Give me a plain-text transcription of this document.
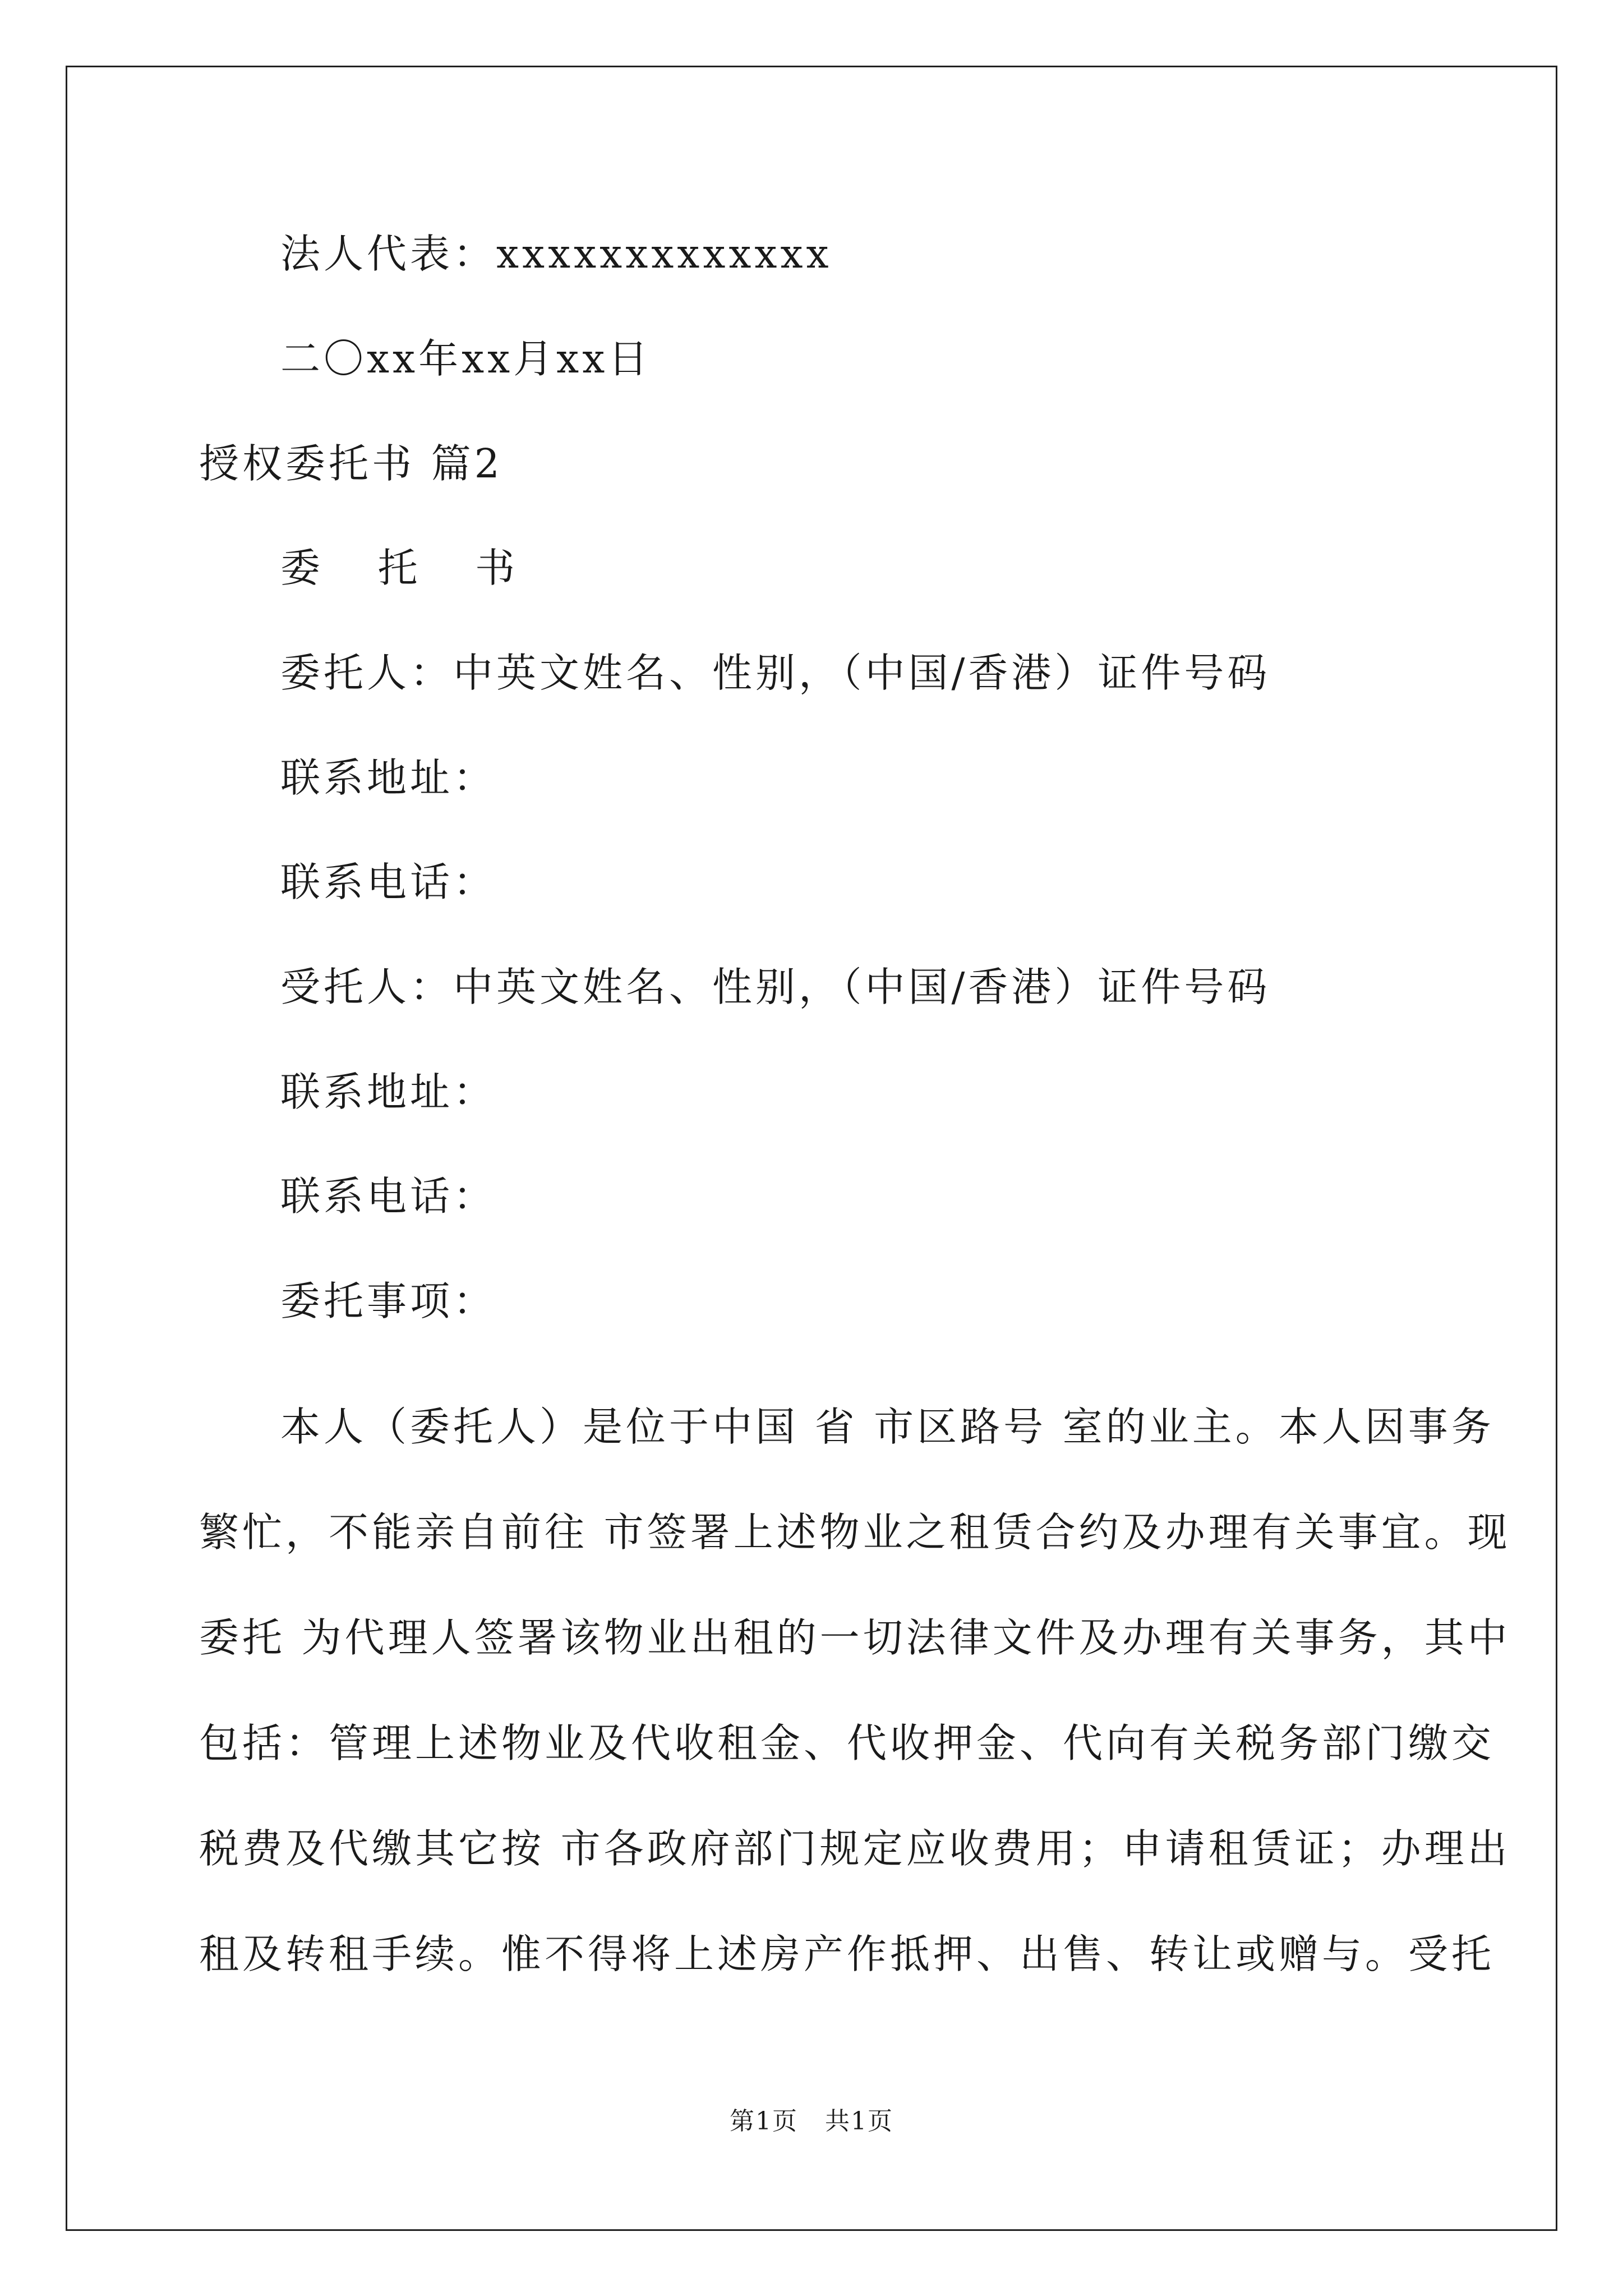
法人代表：xxxxxxxxxxxxx
二〇xx年xx月xx日
授权委托书 篇2
委 托 书
委托人：中英文姓名、性别，（中国/香港）证件号码
联系地址：
联系电话：
受托人：中英文姓名、性别，（中国/香港）证件号码
联系地址：
联系电话：
委托事项：
本人（委托人）是位于中国 省 市区路号 室的业主。本人因事务
繁忙，不能亲自前往 市签署上述物业之租赁合约及办理有关事宜。现
委托 为代理人签署该物业出租的一切法律文件及办理有关事务，其中
包括：管理上述物业及代收租金、代收押金、代向有关税务部门缴交
税费及代缴其它按 市各政府部门规定应收费用；申请租赁证；办理出
租及转租手续。惟不得将上述房产作抵押、出售、转让或赠与。受托
第1页   共1页
